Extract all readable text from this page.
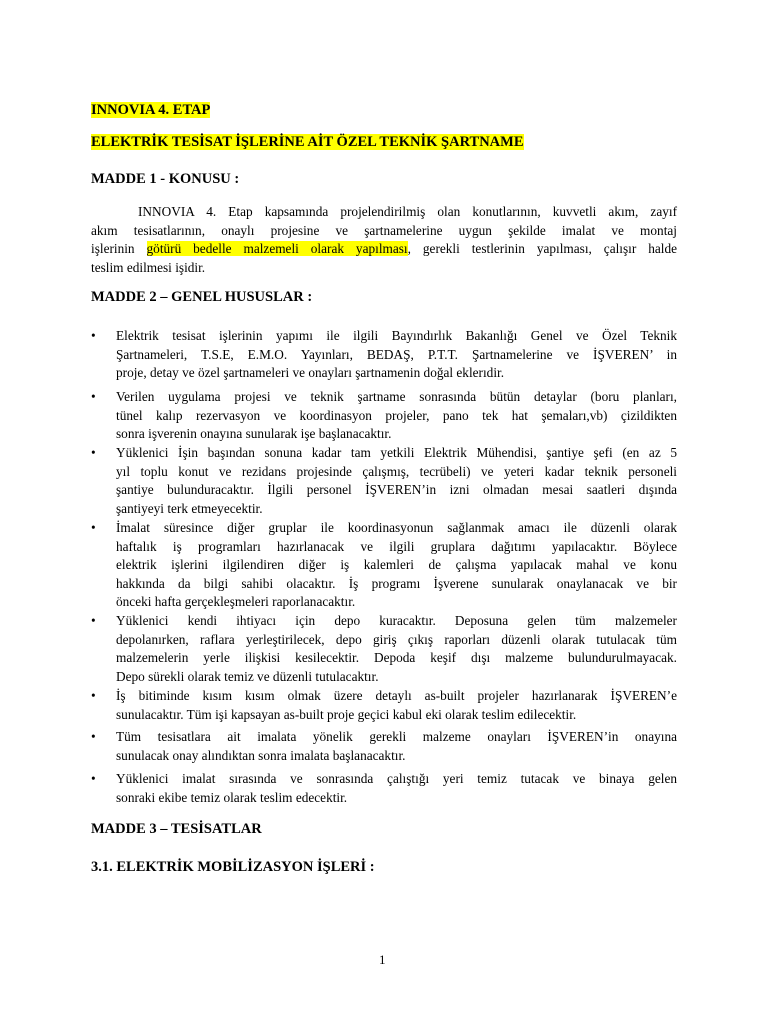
INNOVIA 4. ETAP
ELEKTRİK TESİSAT İŞLERİNE AİT ÖZEL TEKNİK ŞARTNAME
MADDE 1 - KONUSU :
INNOVIA 4. Etap kapsamında projelendirilmiş olan konutlarının, kuvvetli akım, zayıf
akım tesisatlarının, onaylı projesine ve şartnamelerine uygun şekilde imalat ve montaj
işlerinin götürü bedelle malzemeli olarak yapılması, gerekli testlerinin yapılması, çalışır halde
teslim edilmesi işidir.
MADDE 2 – GENEL HUSUSLAR :
•	Elektrik tesisat işlerinin yapımı ile ilgili Bayındırlık Bakanlığı Genel ve Özel Teknik
Şartnameleri, T.S.E, E.M.O. Yayınları, BEDAŞ, P.T.T. Şartnamelerine ve İŞVEREN’ in
proje, detay ve özel şartnameleri ve onayları şartnamenin doğal eklerıdir.
•	Verilen uygulama projesi ve teknik şartname sonrasında bütün detaylar (boru planları,
tünel kalıp rezervasyon ve koordinasyon projeler, pano tek hat şemaları,vb) çizildikten
sonra işverenin onayına sunularak işe başlanacaktır.
•	Yüklenici İşin başından sonuna kadar tam yetkili Elektrik Mühendisi, şantiye şefi (en az 5
yıl toplu konut ve rezidans projesinde çalışmış, tecrübeli) ve yeteri kadar teknik personeli
şantiye bulunduracaktır. İlgili personel İŞVEREN’in izni olmadan mesai saatleri dışında
şantiyeyi terk etmeyecektir.
•	İmalat süresince diğer gruplar ile koordinasyonun sağlanmak amacı ile düzenli olarak
haftalık iş programları hazırlanacak ve ilgili gruplara dağıtımı yapılacaktır. Böylece
elektrik işlerini ilgilendiren diğer iş kalemleri de çalışma yapılacak mahal ve konu
hakkında da bilgi sahibi olacaktır. İş programı İşverene sunularak onaylanacak ve bir
önceki hafta gerçekleşmeleri raporlanacaktır.
•	Yüklenici kendi ihtiyacı için depo kuracaktır. Deposuna gelen tüm malzemeler
depolanırken, raflara yerleştirilecek, depo giriş çıkış raporları düzenli olarak tutulacak tüm
malzemelerin yerle ilişkisi kesilecektir. Depoda keşif dışı malzeme bulundurulmayacak.
Depo sürekli olarak temiz ve düzenli tutulacaktır.
•	İş bitiminde kısım kısım olmak üzere detaylı as-built projeler hazırlanarak İŞVEREN’e
sunulacaktır. Tüm işi kapsayan as-built proje geçici kabul eki olarak teslim edilecektir.
•	Tüm tesisatlara ait imalata yönelik gerekli malzeme onayları İŞVEREN’in onayına
sunulacak onay alındıktan sonra imalata başlanacaktır.
•	Yüklenici imalat sırasında ve sonrasında çalıştığı yeri temiz tutacak ve binaya gelen
sonraki ekibe temiz olarak teslim edecektir.
MADDE 3 – TESİSATLAR
3.1. ELEKTRİK MOBİLİZASYON İŞLERİ :
1
